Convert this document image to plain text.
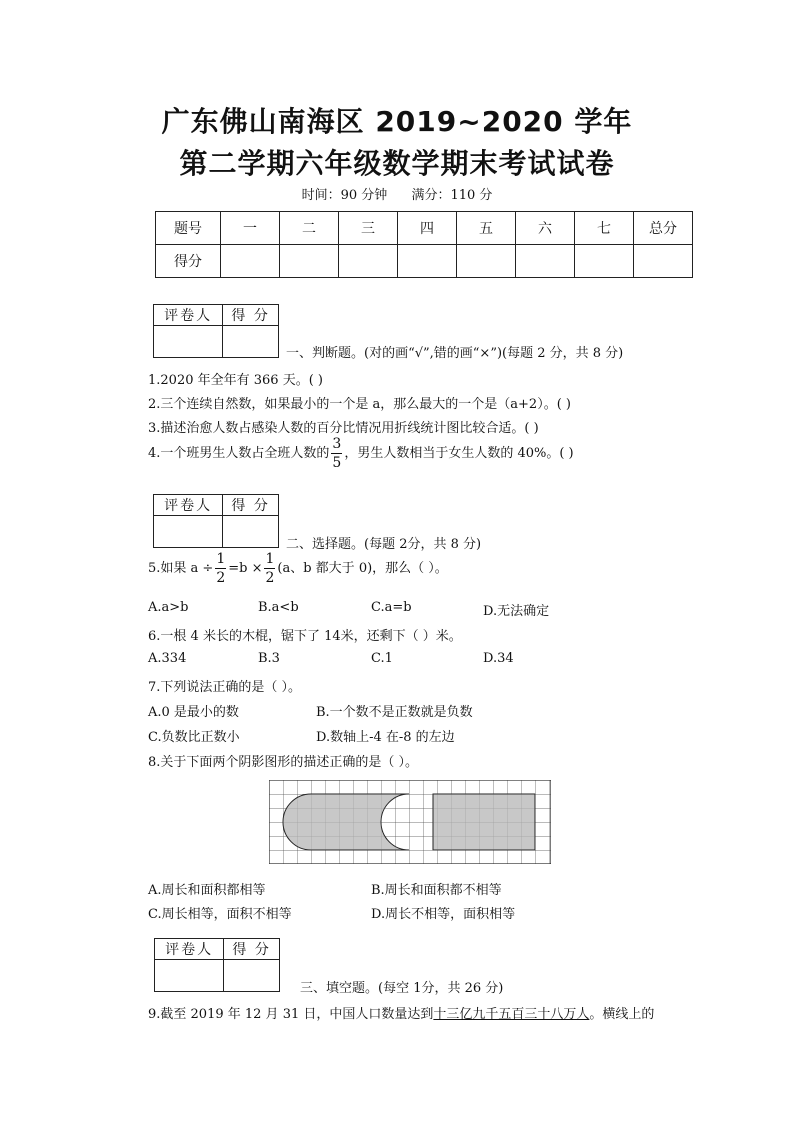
广东佛山南海区 2019~2020 学年
第二学期六年级数学期末考试试卷
时间：90 分钟 满分：110 分
题号	一	二	三	四	五	六	七	总分
得分								
评卷人	得 分

一、判断题。(对的画“√”,错的画“×”)(每题 2 分，共 8 分)
1.2020 年全年有 366 天。( )
2.三个连续自然数，如果最小的一个是 a，那么最大的一个是（a+2）。( )
3.描述治愈人数占感染人数的百分比情况用折线统计图比较合适。( )
4.一个班男生人数占全班人数的 $\frac{3}{5}$ ，男生人数相当于女生人数的 40%。( )
评卷人	得 分

二、选择题。(每题 2分，共 8 分)
5.如果 $a \div \frac{1}{2} =b \times \frac{1}{2} (a$、b 都大于 0)，那么（ ）。
A.a>b	B.a<b	C.a=b	D.无法确定
6.一根 4 米长的木棍，锯下了 14米，还剩下（ ）米。
A.334	B.3	C.1	D.34
7.下列说法正确的是（ ）。
A.0 是最小的数	B.一个数不是正数就是负数
C.负数比正数小	D.数轴上-4 在-8 的左边
8.关于下面两个阴影图形的描述正确的是（ ）。
A.周长和面积都相等	B.周长和面积都不相等
C.周长相等，面积不相等	D.周长不相等，面积相等
评卷人	得 分

三、填空题。(每空 1分，共 26 分)
9.截至 2019 年 12 月 31 日，中国人口数量达到十三亿九千五百三十八万人。横线上的
